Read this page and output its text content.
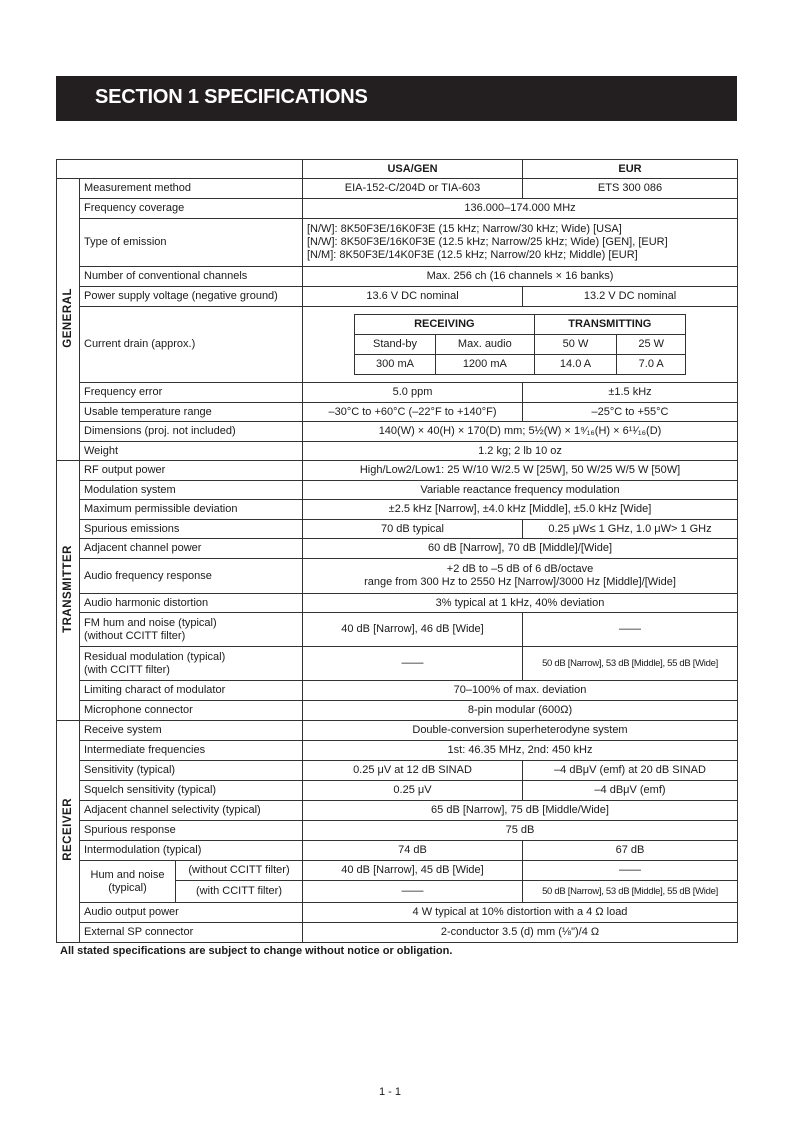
SECTION 1 SPECIFICATIONS
	USA/GEN	EUR
GENERAL	Measurement method	EIA-152-C/204D or TIA-603	ETS 300 086
Frequency coverage	136.000–174.000 MHz
Type of emission	[N/W]: 8K50F3E/16K0F3E (15 kHz; Narrow/30 kHz; Wide) [USA]
[N/W]: 8K50F3E/16K0F3E (12.5 kHz; Narrow/25 kHz; Wide) [GEN], [EUR]
[N/M]: 8K50F3E/14K0F3E (12.5 kHz; Narrow/20 kHz; Middle) [EUR]
Number of conventional channels	Max. 256 ch (16 channels × 16 banks)
Power supply voltage (negative ground)	13.6 V DC nominal	13.2 V DC nominal
Current drain (approx.)	
RECEIVING	TRANSMITTING
Stand-by	Max. audio	50 W	25 W
300 mA	1200 mA	14.0 A	7.0 A

Frequency error	5.0 ppm	±1.5 kHz
Usable temperature range	–30°C to +60°C (–22°F to +140°F)	–25°C to +55°C
Dimensions (proj. not included)	140(W) × 40(H) × 170(D) mm; 5½(W) × 1⁹⁄₁₆(H) × 6¹¹⁄₁₆(D)
Weight	1.2 kg; 2 lb 10 oz
TRANSMITTER	RF output power	High/Low2/Low1: 25 W/10 W/2.5 W [25W], 50 W/25 W/5 W [50W]
Modulation system	Variable reactance frequency modulation
Maximum permissible deviation	±2.5 kHz [Narrow], ±4.0 kHz [Middle], ±5.0 kHz [Wide]
Spurious emissions	70 dB typical	0.25 μW≤ 1 GHz, 1.0 μW> 1 GHz
Adjacent channel power	60 dB [Narrow], 70 dB [Middle]/[Wide]
Audio frequency response	+2 dB to –5 dB of 6 dB/octave
range from 300 Hz to 2550 Hz [Narrow]/3000 Hz [Middle]/[Wide]
Audio harmonic distortion	3% typical at 1 kHz, 40% deviation
FM hum and noise (typical)
(without CCITT filter)	40 dB [Narrow], 46 dB [Wide]	——
Residual modulation (typical)
(with CCITT filter)	——	50 dB [Narrow], 53 dB [Middle], 55 dB [Wide]
Limiting charact of modulator	70–100% of max. deviation
Microphone connector	8-pin modular (600Ω)
RECEIVER	Receive system	Double-conversion superheterodyne system
Intermediate frequencies	1st: 46.35 MHz, 2nd: 450 kHz
Sensitivity (typical)	0.25 μV at 12 dB SINAD	–4 dBμV (emf) at 20 dB SINAD
Squelch sensitivity (typical)	0.25 μV	–4 dBμV (emf)
Adjacent channel selectivity (typical)	65 dB [Narrow], 75 dB [Middle/Wide]
Spurious response	75 dB
Intermodulation (typical)	74 dB	67 dB
Hum and noise
(typical)	(without CCITT filter)	40 dB [Narrow], 45 dB [Wide]	——
(with CCITT filter)	——	50 dB [Narrow], 53 dB [Middle], 55 dB [Wide]
Audio output power	4 W typical at 10% distortion with a 4 Ω load
External SP connector	2-conductor 3.5 (d) mm (⅛")/4 Ω
All stated specifications are subject to change without notice or obligation.
1 - 1
